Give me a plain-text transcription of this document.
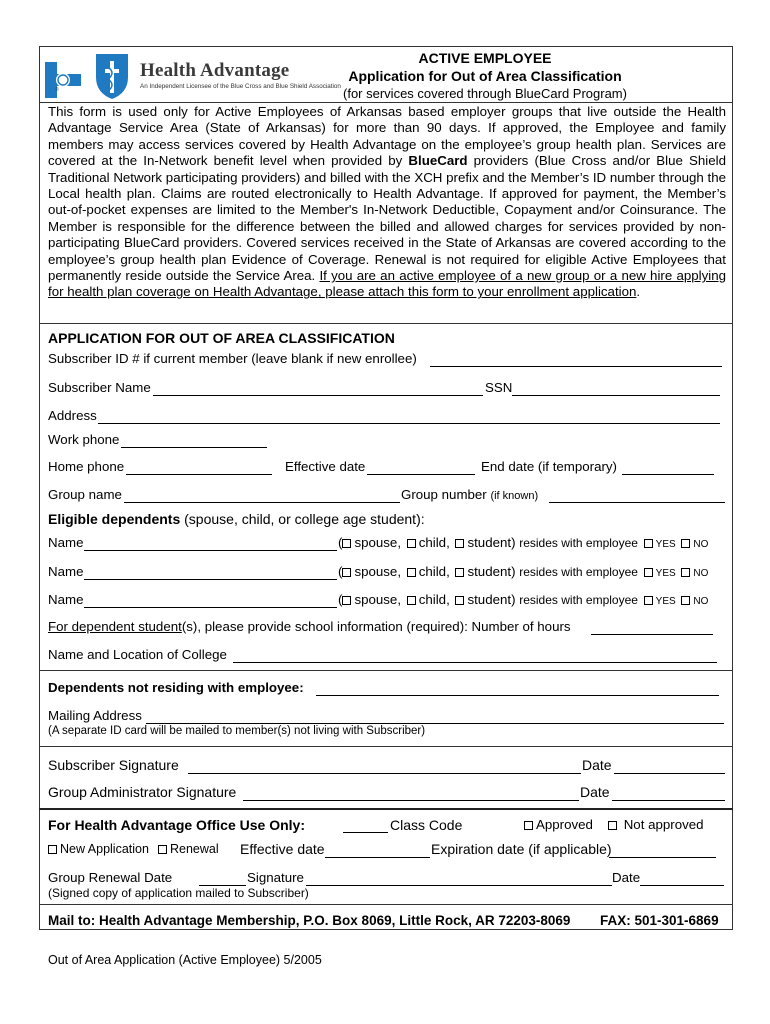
®
Health Advantage
An Independent Licensee of the Blue Cross and Blue Shield Association
ACTIVE EMPLOYEE
Application for Out of Area Classification
(for services covered through BlueCard Program)
This form is used only for Active Employees of Arkansas based employer groups that live outside the Health Advantage Service Area (State of Arkansas) for more than 90 days. If approved, the Employee and family members may access services covered by Health Advantage on the employee’s group health plan. Services are covered at the In-Network benefit level when provided by BlueCard providers (Blue Cross and/or Blue Shield Traditional Network participating providers) and billed with the XCH prefix and the Member’s ID number through the Local health plan. Claims are routed electronically to Health Advantage. If approved for payment, the Member’s out-of-pocket expenses are limited to the Member's In-Network Deductible, Copayment and/or Coinsurance. The Member is responsible for the difference between the billed and allowed charges for services provided by non-participating BlueCard providers. Covered services received in the State of Arkansas are covered according to the employee’s group health plan Evidence of Coverage. Renewal is not required for eligible Active Employees that permanently reside outside the Service Area. If you are an active employee of a new group or a new hire applying for health plan coverage on Health Advantage, please attach this form to your enrollment application.
APPLICATION FOR OUT OF AREA CLASSIFICATION
Subscriber ID # if current member (leave blank if new enrollee)
Subscriber Name	SSN
Address
Work phone
Home phone	Effective date	End date (if temporary)
Group name	Group number (if known)
Eligible dependents (spouse, child, or college age student):
Name	( spouse, child, student) resides with employee YES NO
Name	( spouse, child, student) resides with employee YES NO
Name	( spouse, child, student) resides with employee YES NO
For dependent student(s), please provide school information (required): Number of hours
Name and Location of College
Dependents not residing with employee:
Mailing Address
(A separate ID card will be mailed to member(s) not living with Subscriber)
Subscriber Signature	Date
Group Administrator Signature	Date
For Health Advantage Office Use Only:	Class Code	Approved	Not approved
New Application	Renewal Effective date	Expiration date (if applicable)
Group Renewal Date	Signature	Date
(Signed copy of application mailed to Subscriber)
Mail to: Health Advantage Membership, P.O. Box 8069, Little Rock, AR 72203-8069 FAX: 501-301-6869
Out of Area Application (Active Employee) 5/2005
